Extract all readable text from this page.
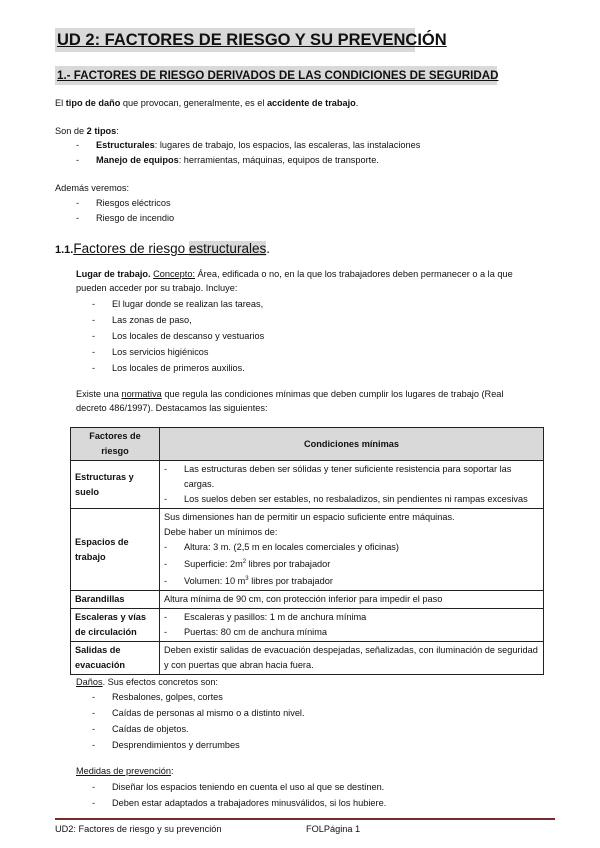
UD 2: FACTORES DE RIESGO Y SU PREVENCIÓN
1.- FACTORES DE RIESGO DERIVADOS DE LAS CONDICIONES DE SEGURIDAD
El tipo de daño que provocan, generalmente, es el accidente de trabajo.
Son de 2 tipos:
- Estructurales: lugares de trabajo, los espacios, las escaleras, las instalaciones
- Manejo de equipos: herramientas, máquinas, equipos de transporte.
Además veremos:
- Riesgos eléctricos
- Riesgo de incendio
1.1.Factores de riesgo estructurales.
Lugar de trabajo. Concepto: Área, edificada o no, en la que los trabajadores deben permanecer o a la que
pueden acceder por su trabajo. Incluye:
- El lugar donde se realizan las tareas,
- Las zonas de paso,
- Los locales de descanso y vestuarios
- Los servicios higiénicos
- Los locales de primeros auxilios.
Existe una normativa que regula las condiciones mínimas que deben cumplir los lugares de trabajo (Real
decreto 486/1997). Destacamos las siguientes:
Factores de riesgo	Condiciones mínimas
Estructuras y suelo	- Las estructuras deben ser sólidas y tener suficiente resistencia para soportar las cargas.
- Los suelos deben ser estables, no resbaladizos, sin pendientes ni rampas excesivas

Espacios de trabajo	Sus dimensiones han de permitir un espacio suficiente entre máquinas.
Debe haber un mínimos de:
- Altura: 3 m. (2,5 m en locales comerciales y oficinas)
- Superficie: $2m^2$ libres por trabajador
- Volumen: 10 $m^3$ libres por trabajador

Barandillas	Altura mínima de 90 cm, con protección inferior para impedir el paso
Escaleras y vías de circulación	- Escaleras y pasillos: 1 m de anchura mínima
- Puertas: 80 cm de anchura mínima

Salidas de evacuación	Deben existir salidas de evacuación despejadas, señalizadas, con iluminación de seguridad y con puertas que abran hacia fuera.
Daños. Sus efectos concretos son:
- Resbalones, golpes, cortes
- Caídas de personas al mismo o a distinto nivel.
- Caídas de objetos.
- Desprendimientos y derrumbes
Medidas de prevención:
- Diseñar los espacios teniendo en cuenta el uso al que se destinen.
- Deben estar adaptados a trabajadores minusválidos, si los hubiere.
UD2: Factores de riesgo y su prevención	FOLPágina 1
